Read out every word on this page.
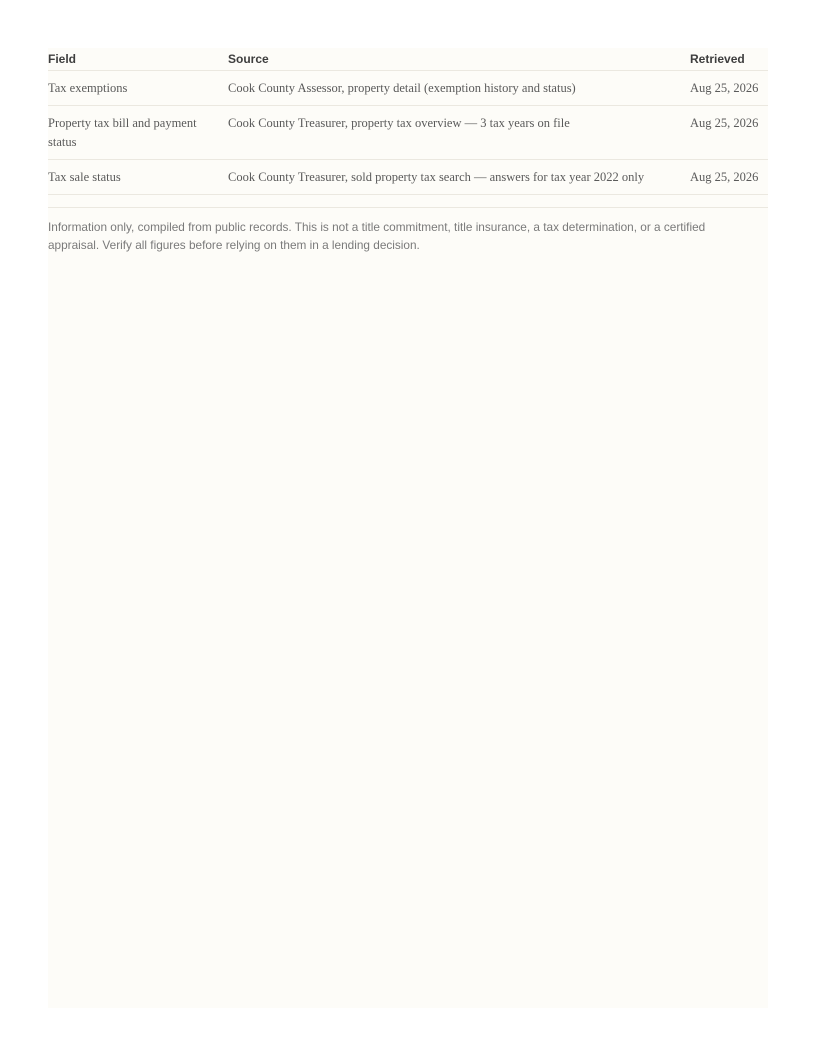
Field	Source	Retrieved
Tax exemptions	Cook County Assessor, property detail (exemption history and status)	Aug 25, 2026
Property tax bill and payment status	Cook County Treasurer, property tax overview — 3 tax years on file	Aug 25, 2026
Tax sale status	Cook County Treasurer, sold property tax search — answers for tax year 2022 only	Aug 25, 2026

Information only, compiled from public records. This is not a title commitment, title insurance, a tax determination, or a certified appraisal. Verify all figures before relying on them in a lending decision.
